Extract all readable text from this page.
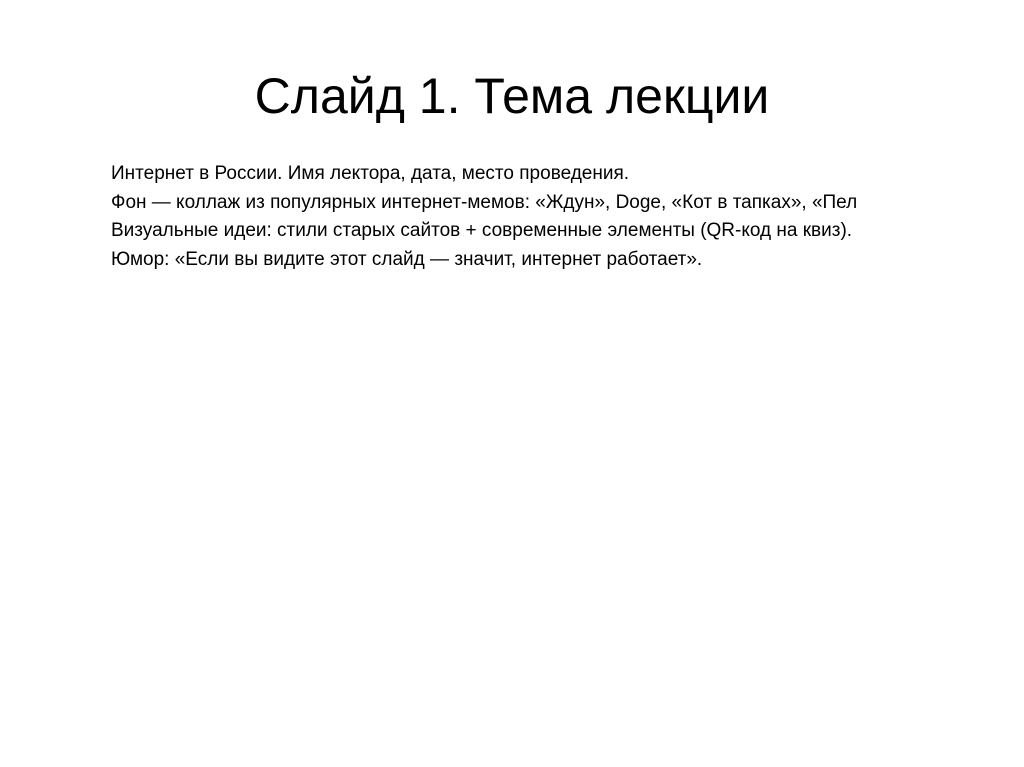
Слайд 1. Тема лекции
Интернет в России. Имя лектора, дата, место проведения.
Фон — коллаж из популярных интернет-мемов: «Ждун», Doge, «Кот в тапках», «Пел
Визуальные идеи: стили старых сайтов + современные элементы (QR-код на квиз).
Юмор: «Если вы видите этот слайд — значит, интернет работает».
